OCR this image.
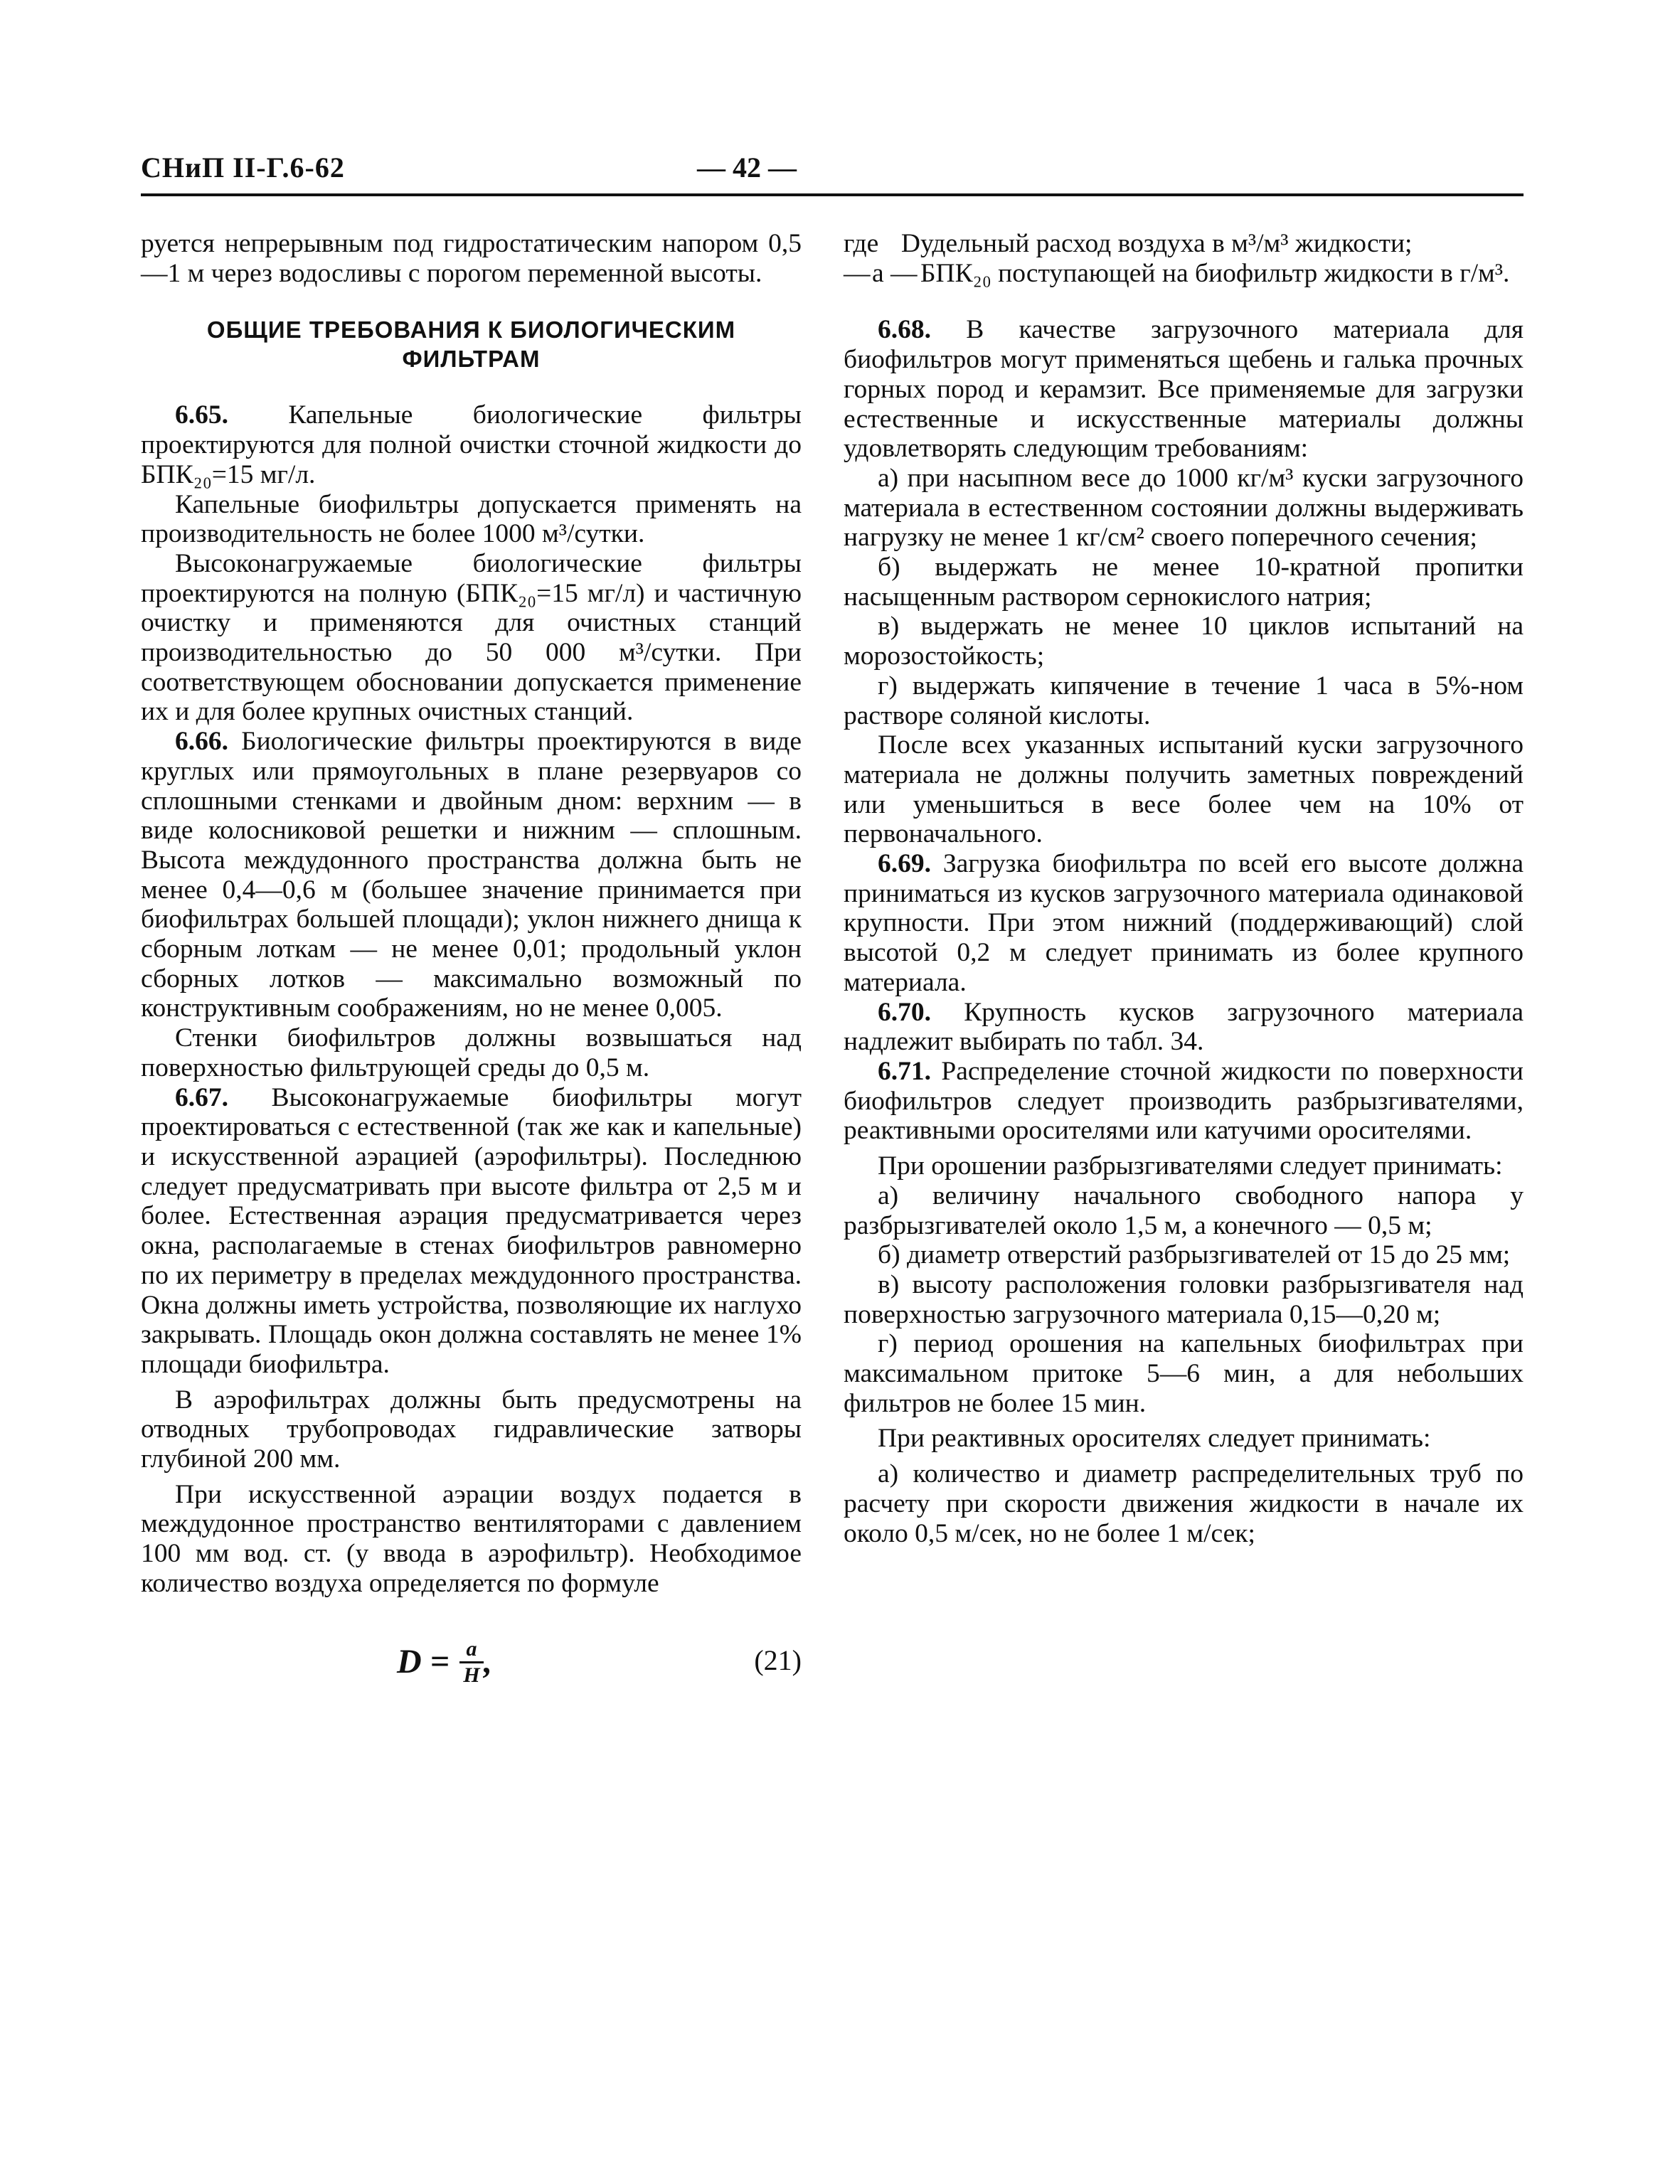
СНиП II-Г.6-62	— 42 —

руется непрерывным под гидростатическим напором 0,5—1 м через водосливы с порогом переменной высоты.

ОБЩИЕ ТРЕБОВАНИЯ К БИОЛОГИЧЕСКИМ ФИЛЬТРАМ

6.65. Капельные биологические фильтры проектируются для полной очистки сточной жидкости до БПК₂₀=15 мг/л.

Капельные биофильтры допускается применять на производительность не более 1000 м³/сутки.

Высоконагружаемые биологические фильтры проектируются на полную (БПК₂₀=15 мг/л) и частичную очистку и применяются для очистных станций производительностью до 50 000 м³/сутки. При соответствующем обосновании допускается применение их и для более крупных очистных станций.

6.66. Биологические фильтры проектируются в виде круглых или прямоугольных в плане резервуаров со сплошными стенками и двойным дном: верхним — в виде колосниковой решетки и нижним — сплошным. Высота междудонного пространства должна быть не менее 0,4—0,6 м (большее значение принимается при биофильтрах большей площади); уклон нижнего днища к сборным лоткам — не менее 0,01; продольный уклон сборных лотков — максимально возможный по конструктивным соображениям, но не менее 0,005.

Стенки биофильтров должны возвышаться над поверхностью фильтрующей среды до 0,5 м.

6.67. Высоконагружаемые биофильтры могут проектироваться с естественной (так же как и капельные) и искусственной аэрацией (аэрофильтры). Последнюю следует предусматривать при высоте фильтра от 2,5 м и более. Естественная аэрация предусматривается через окна, располагаемые в стенах биофильтров равномерно по их периметру в пределах междудонного пространства. Окна должны иметь устройства, позволяющие их наглухо закрывать. Площадь окон должна составлять не менее 1% площади биофильтра.

В аэрофильтрах должны быть предусмотрены на отводных трубопроводах гидравлические затворы глубиной 200 мм.

При искусственной аэрации воздух подается в междудонное пространство вентиляторами с давлением 100 мм вод. ст. (у ввода в аэрофильтр). Необходимое количество воздуха определяется по формуле

$D = \frac{a}{H}$ ,	(21)
где D —
удельный расход воздуха в м³/м³ жидкости;
a — БПК₂₀ поступающей на биофильтр жидкости в г/м³.

6.68. В качестве загрузочного материала для биофильтров могут применяться щебень и галька прочных горных пород и керамзит. Все применяемые для загрузки естественные и искусственные материалы должны удовлетворять следующим требованиям:

а) при насыпном весе до 1000 кг/м³ куски загрузочного материала в естественном состоянии должны выдерживать нагрузку не менее 1 кг/см² своего поперечного сечения;

б) выдержать не менее 10-кратной пропитки насыщенным раствором сернокислого натрия;

в) выдержать не менее 10 циклов испытаний на морозостойкость;

г) выдержать кипячение в течение 1 часа в 5%-ном растворе соляной кислоты.

После всех указанных испытаний куски загрузочного материала не должны получить заметных повреждений или уменьшиться в весе более чем на 10% от первоначального.

6.69. Загрузка биофильтра по всей его высоте должна приниматься из кусков загрузочного материала одинаковой крупности. При этом нижний (поддерживающий) слой высотой 0,2 м следует принимать из более крупного материала.

6.70. Крупность кусков загрузочного материала надлежит выбирать по табл. 34.

6.71. Распределение сточной жидкости по поверхности биофильтров следует производить разбрызгивателями, реактивными оросителями или катучими оросителями.

При орошении разбрызгивателями следует принимать:

а) величину начального свободного напора у разбрызгивателей около 1,5 м, а конечного — 0,5 м;

б) диаметр отверстий разбрызгивателей от 15 до 25 мм;

в) высоту расположения головки разбрызгивателя над поверхностью загрузочного материала 0,15—0,20 м;

г) период орошения на капельных биофильтрах при максимальном притоке 5—6 мин, а для небольших фильтров не более 15 мин.

При реактивных оросителях следует принимать:

а) количество и диаметр распределительных труб по расчету при скорости движения жидкости в начале их около 0,5 м/сек, но не более 1 м/сек;
